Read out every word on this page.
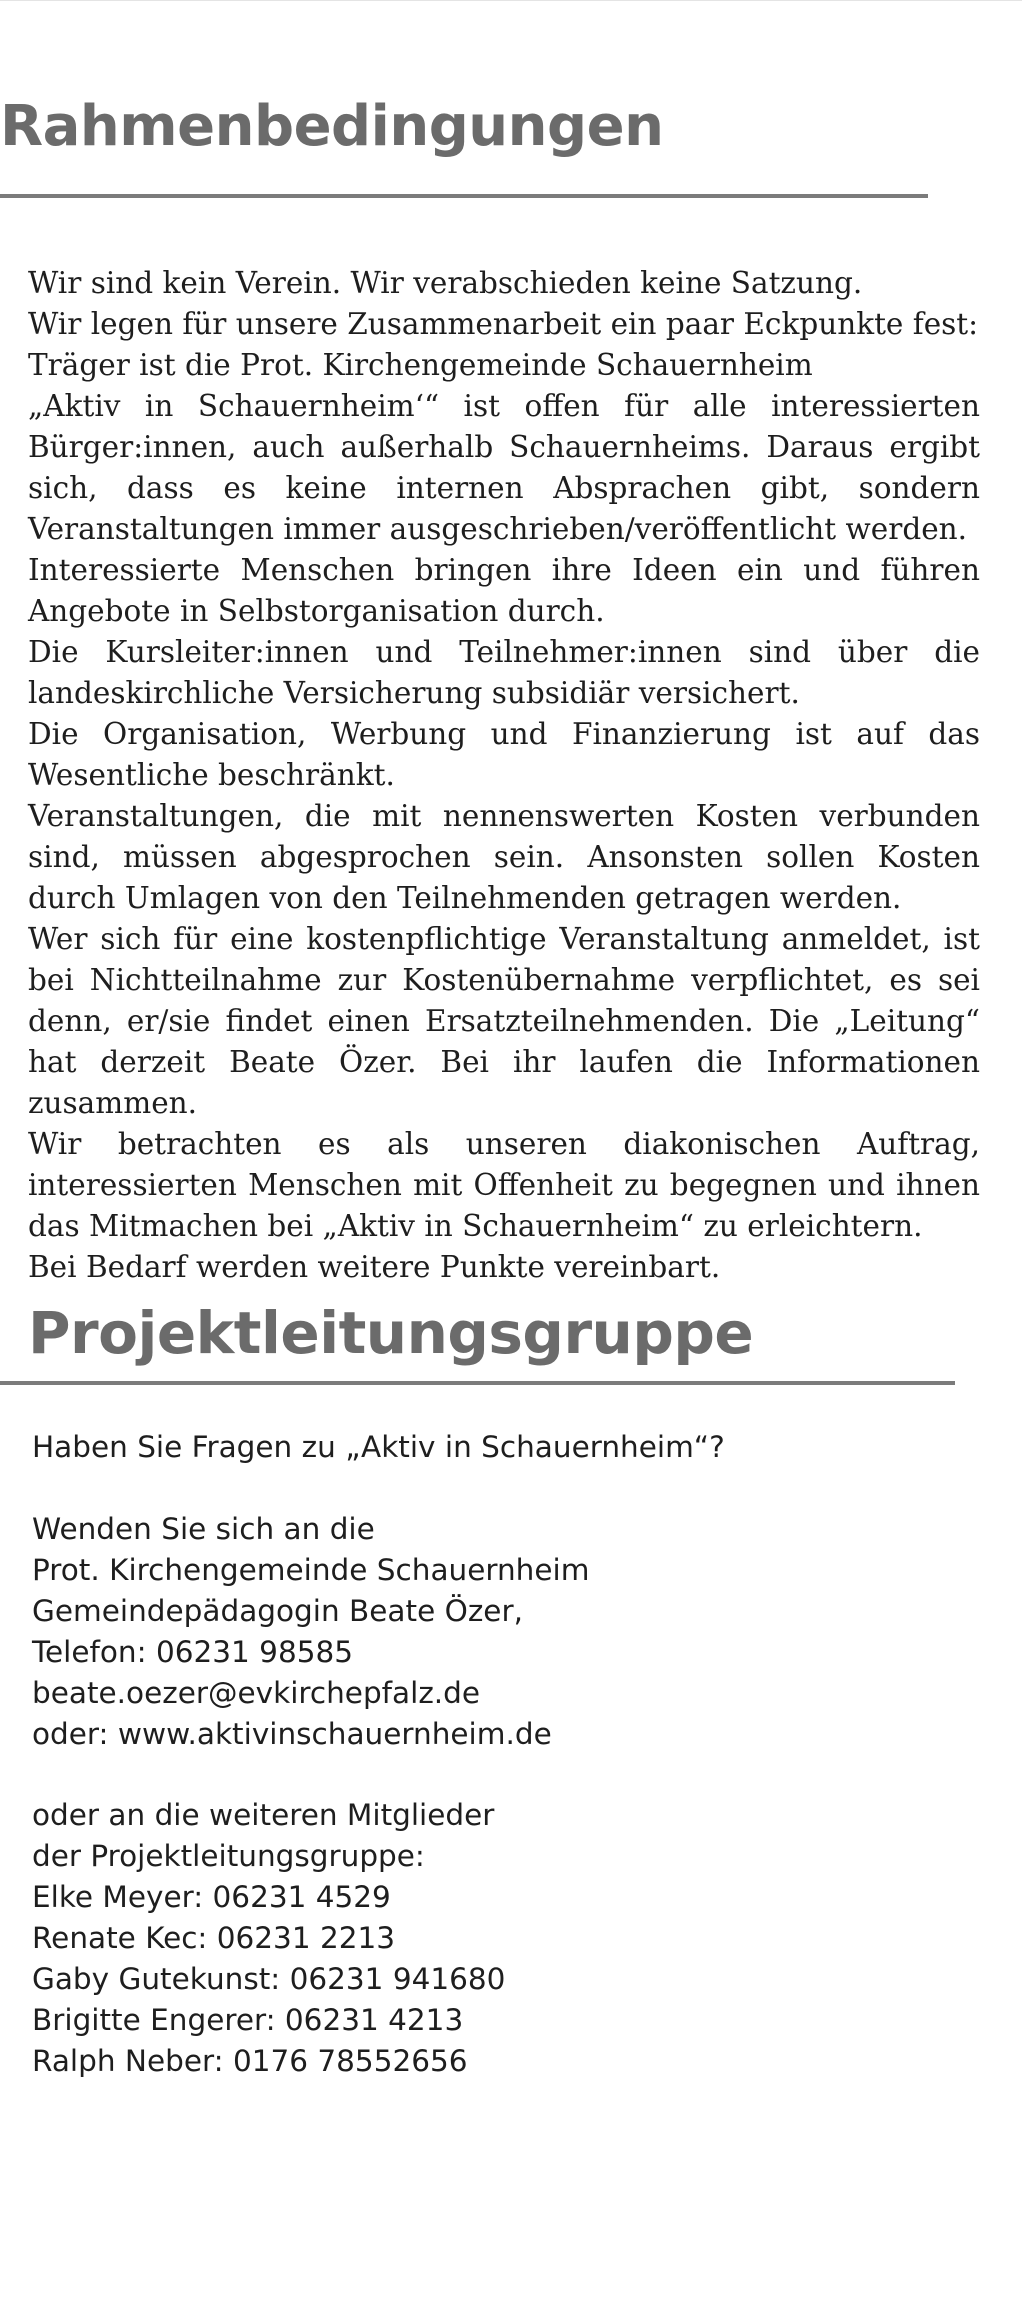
Rahmenbedingungen

Wir sind kein Verein. Wir verabschieden keine Satzung.

Wir legen für unsere Zusammenarbeit ein paar Eckpunkte fest:

Träger ist die Prot. Kirchengemeinde Schauernheim

„Aktiv in Schauernheim‘“ ist offen für alle interessierten Bürger:innen, auch außerhalb Schauernheims. Daraus ergibt sich, dass es keine internen Absprachen gibt, sondern Veranstaltungen immer ausgeschrieben/veröffentlicht werden.

Interessierte Menschen bringen ihre Ideen ein und führen Angebote in Selbstorganisation durch.

Die Kursleiter:innen und Teilnehmer:innen sind über die landeskirchliche Versicherung subsidiär versichert.

Die Organisation, Werbung und Finanzierung ist auf das Wesentliche beschränkt.

Veranstaltungen, die mit nennenswerten Kosten verbunden sind, müssen abgesprochen sein. Ansonsten sollen Kosten durch Umlagen von den Teilnehmenden getragen werden.

Wer sich für eine kostenpflichtige Veranstaltung anmeldet, ist bei Nichtteilnahme zur Kostenübernahme verpflichtet, es sei denn, er/​sie findet einen Ersatzteilnehmenden. Die „Leitung“ hat derzeit Beate Özer. Bei ihr laufen die Informationen zusammen.

Wir betrachten es als unseren diakonischen Auftrag, interessierten Menschen mit Offenheit zu begegnen und ihnen das Mitmachen bei „Aktiv in Schauernheim“ zu erleichtern.

Bei Bedarf werden weitere Punkte vereinbart.

Projektleitungsgruppe
Haben Sie Fragen zu „Aktiv in Schauernheim“?
Wenden Sie sich an die
Prot. Kirchengemeinde Schauernheim
Gemeindepädagogin Beate Özer,
Telefon: 06231 98585
beate.oezer@evkirchepfalz.de
oder: www.aktivinschauernheim.de
oder an die weiteren Mitglieder
der Projektleitungsgruppe:
Elke Meyer: 06231 4529
Renate Kec: 06231 2213
Gaby Gutekunst: 06231 941680
Brigitte Engerer: 06231 4213
Ralph Neber: 0176 78552656
